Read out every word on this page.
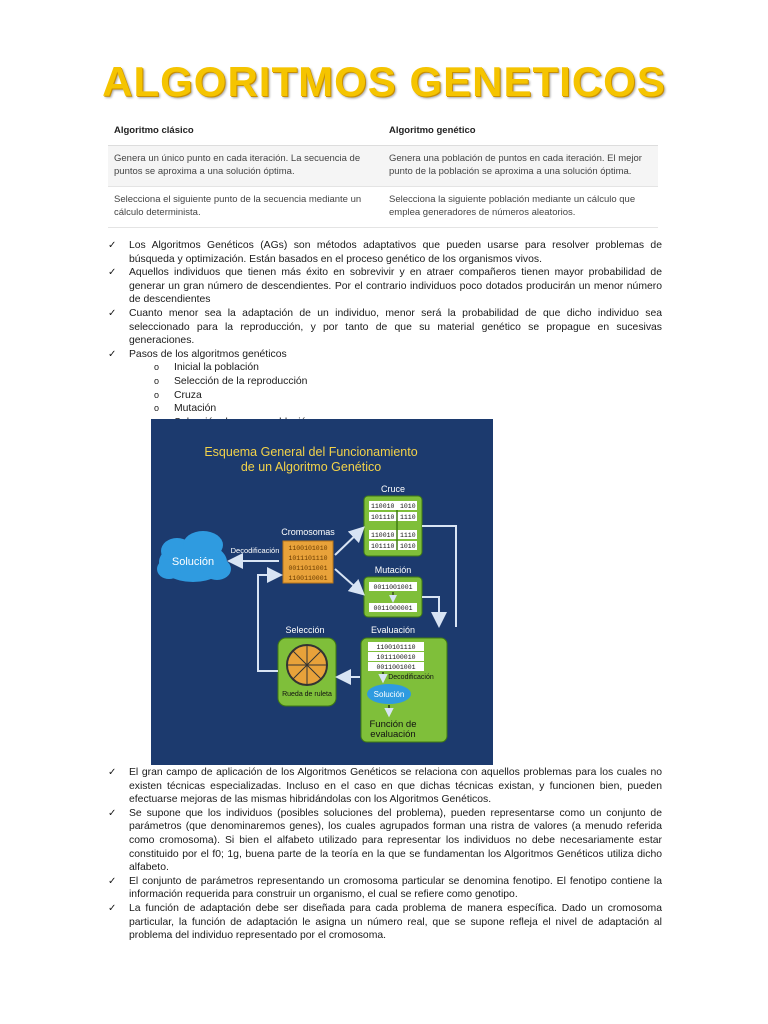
ALGORITMOS GENETICOS
Algoritmo clásico	Algoritmo genético
Genera un único punto en cada iteración. La secuencia de puntos se aproxima a una solución óptima.	Genera una población de puntos en cada iteración. El mejor punto de la población se aproxima a una solución óptima.
Selecciona el siguiente punto de la secuencia mediante un cálculo determinista.	Selecciona la siguiente población mediante un cálculo que emplea generadores de números aleatorios.
✓ Los Algoritmos Genéticos (AGs) son métodos adaptativos que pueden usarse para resolver problemas de búsqueda y optimización. Están basados en el proceso genético de los organismos vivos.
✓ Aquellos individuos que tienen más éxito en sobrevivir y en atraer compañeros tienen mayor probabilidad de generar un gran número de descendientes. Por el contrario individuos poco dotados producirán un menor número de descendientes
✓ Cuanto menor sea la adaptación de un individuo, menor será la probabilidad de que dicho individuo sea seleccionado para la reproducción, y por tanto de que su material genético se propague en sucesivas generaciones.
✓ Pasos de los algoritmos genéticos
o Inicial la población
o Selección de la reproducción
o Cruza
o Mutación
Esquema General del Funcionamiento
de un Algoritmo Genético
Solución
Decodificación
Cromosomas
1100101010
1011101110
0011011001
1100110001
Cruce
110010 1010
101110 1110
110010 1110
101110 1010
Mutación
0011001001
0011000001
Selección
Rueda de ruleta
Evaluación
1100101110
1011100010
0011001001
Decodificación
Solución
Función de
evaluación
✓ El gran campo de aplicación de los Algoritmos Genéticos se relaciona con aquellos problemas para los cuales no existen técnicas especializadas. Incluso en el caso en que dichas técnicas existan, y funcionen bien, pueden efectuarse mejoras de las mismas hibridándolas con los Algoritmos Genéticos.
✓ Se supone que los individuos (posibles soluciones del problema), pueden representarse como un conjunto de parámetros (que denominaremos genes), los cuales agrupados forman una ristra de valores (a menudo referida como cromosoma). Si bien el alfabeto utilizado para representar los individuos no debe necesariamente estar constituido por el f0; 1g, buena parte de la teoría en la que se fundamentan los Algoritmos Genéticos utiliza dicho alfabeto.
✓ El conjunto de parámetros representando un cromosoma particular se denomina fenotipo. El fenotipo contiene la información requerida para construir un organismo, el cual se refiere como genotipo.
✓ La función de adaptación debe ser diseñada para cada problema de manera específica. Dado un cromosoma particular, la función de adaptación le asigna un número real, que se supone refleja el nivel de adaptación al problema del individuo representado por el cromosoma.
